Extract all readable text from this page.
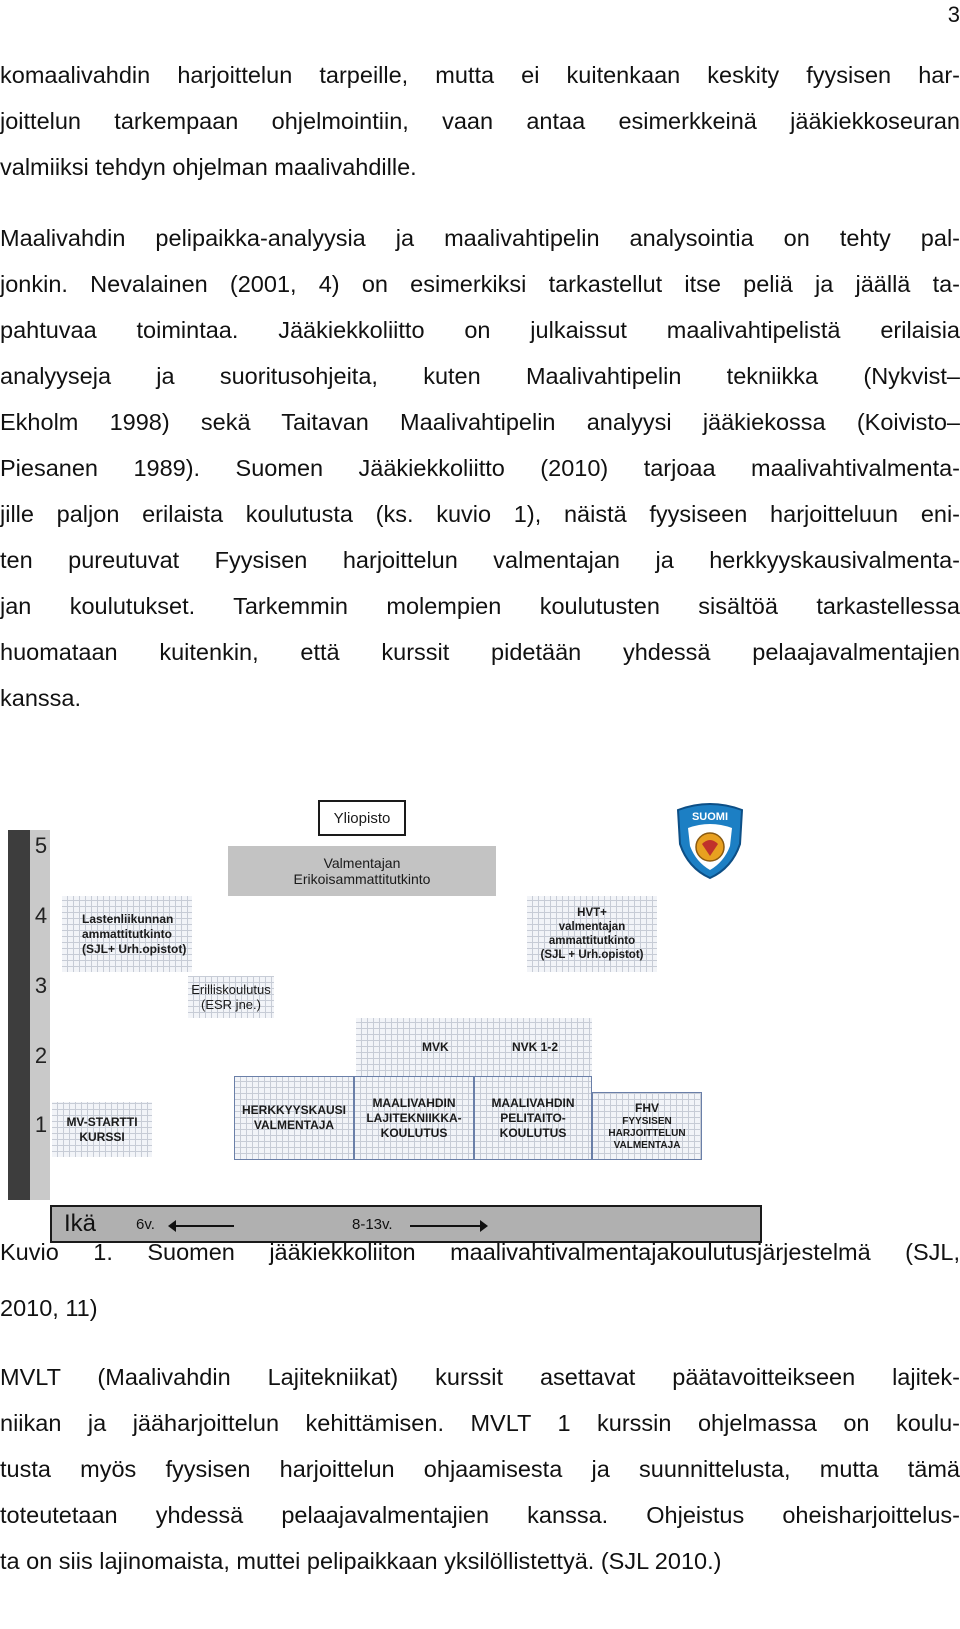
3
komaalivahdin harjoittelun tarpeille, mutta ei kuitenkaan keskity fyysisen har-
joittelun tarkempaan ohjelmointiin, vaan antaa esimerkkeinä jääkiekkoseuran
valmiiksi tehdyn ohjelman maalivahdille.
Maalivahdin pelipaikka-analyysia ja maalivahtipelin analysointia on tehty pal-
jonkin. Nevalainen (2001, 4) on esimerkiksi tarkastellut itse peliä ja jäällä ta-
pahtuvaa toimintaa. Jääkiekkoliitto on julkaissut maalivahtipelistä erilaisia
analyyseja ja suoritusohjeita, kuten Maalivahtipelin tekniikka (Nykvist–
Ekholm 1998) sekä Taitavan Maalivahtipelin analyysi jääkiekossa (Koivisto–
Piesanen 1989). Suomen Jääkiekkoliitto (2010) tarjoaa maalivahtivalmenta-
jille paljon erilaista koulutusta (ks. kuvio 1), näistä fyysiseen harjoitteluun eni-
ten pureutuvat Fyysisen harjoittelun valmentajan ja herkkyyskausivalmenta-
jan koulutukset. Tarkemmin molempien koulutusten sisältöä tarkastellessa
huomataan kuitenkin, että kurssit pidetään yhdessä pelaajavalmentajien
kanssa.
5
4
3
2
1
Yliopisto
Valmentajan
Erikoisammattitutkinto
Lastenliikunnan
ammattitutkinto
(SJL+ Urh.opistot)
HVT+
valmentajan
ammattitutkinto
(SJL + Urh.opistot)
Erilliskoulutus
(ESR jne.)
MVK	NVK 1-2
MV-STARTTI
KURSSI
HERKKYYSKAUSI
VALMENTAJA
MAALIVAHDIN
LAJITEKNIIKKA-
KOULUTUS
MAALIVAHDIN
PELITAITO-
KOULUTUS
FHV
FYYSISEN
HARJOITTELUN
VALMENTAJA
Ikä	6v.	8-13v.
SUOMI
Kuvio 1. Suomen jääkiekkoliiton maalivahtivalmentajakoulutusjärjestelmä (SJL,
2010, 11)
MVLT (Maalivahdin Lajitekniikat) kurssit asettavat päätavoitteikseen lajitek-
niikan ja jääharjoittelun kehittämisen. MVLT 1 kurssin ohjelmassa on koulu-
tusta myös fyysisen harjoittelun ohjaamisesta ja suunnittelusta, mutta tämä
toteutetaan yhdessä pelaajavalmentajien kanssa. Ohjeistus oheisharjoittelus-
ta on siis lajinomaista, muttei pelipaikkaan yksilöllistettyä. (SJL 2010.)
